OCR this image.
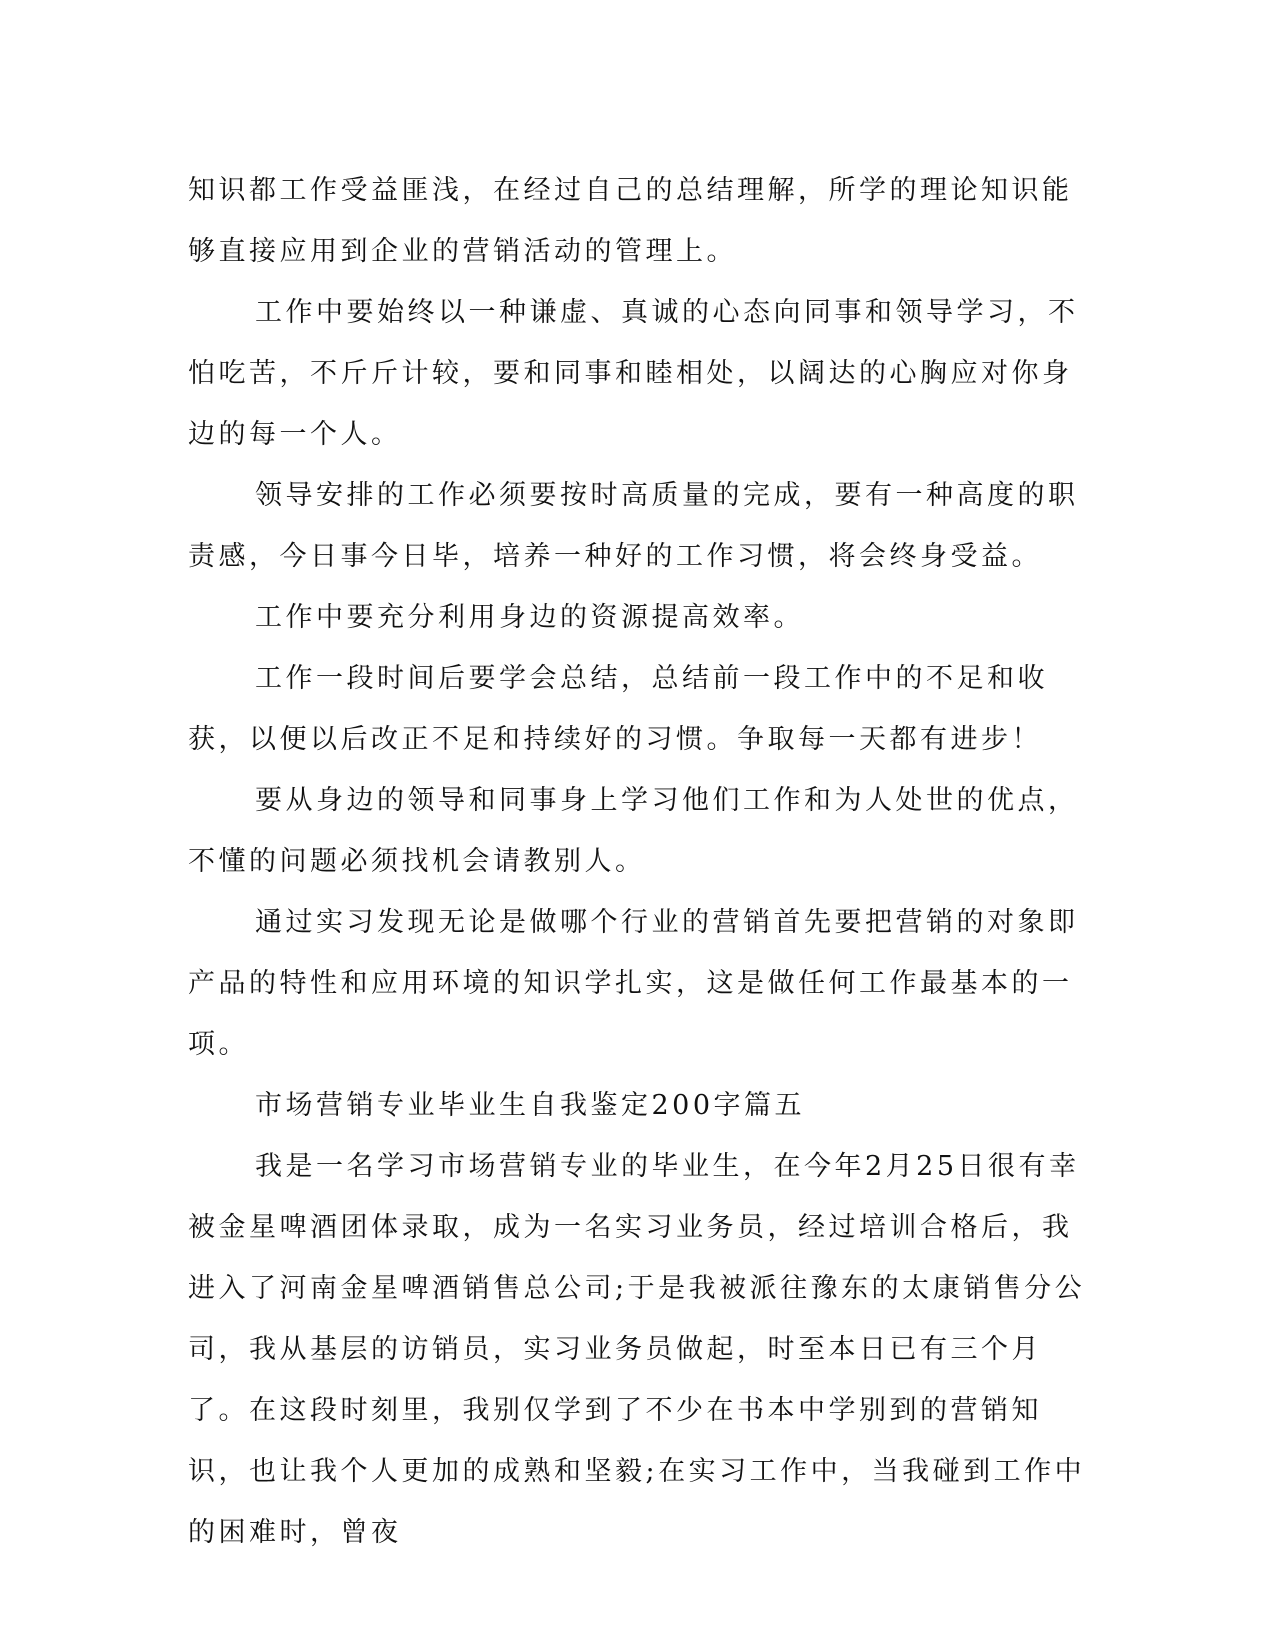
知识都工作受益匪浅，在经过自己的总结理解，所学的理论知识能够直接应用到企业的营销活动的管理上。

工作中要始终以一种谦虚、真诚的心态向同事和领导学习，不怕吃苦，不斤斤计较，要和同事和睦相处，以阔达的心胸应对你身边的每一个人。

领导安排的工作必须要按时高质量的完成，要有一种高度的职责感，今日事今日毕，培养一种好的工作习惯，将会终身受益。

工作中要充分利用身边的资源提高效率。

工作一段时间后要学会总结，总结前一段工作中的不足和收获，以便以后改正不足和持续好的习惯。争取每一天都有进步！

要从身边的领导和同事身上学习他们工作和为人处世的优点，不懂的问题必须找机会请教别人。

通过实习发现无论是做哪个行业的营销首先要把营销的对象即产品的特性和应用环境的知识学扎实，这是做任何工作最基本的一项。

市场营销专业毕业生自我鉴定200字篇五

我是一名学习市场营销专业的毕业生，在今年2月25日很有幸被金星啤酒团体录取，成为一名实习业务员，经过培训合格后，我进入了河南金星啤酒销售总公司;于是我被派往豫东的太康销售分公司，我从基层的访销员，实习业务员做起，时至本日已有三个月了。在这段时刻里，我别仅学到了不少在书本中学别到的营销知识，也让我个人更加的成熟和坚毅;在实习工作中，当我碰到工作中的困难时，曾夜
